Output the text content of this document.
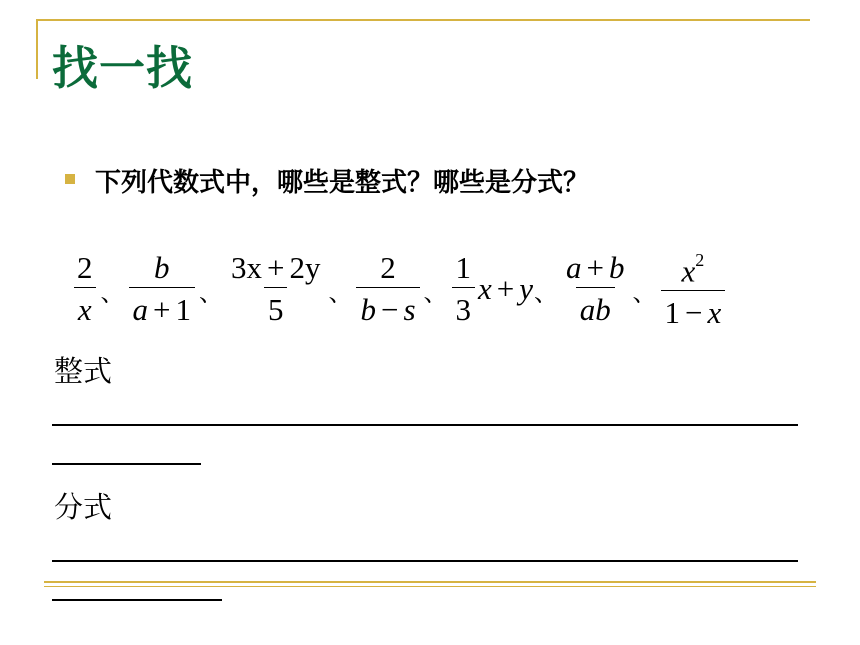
找一找
下列代数式中，哪些是整式？哪些是分式？
$\frac{2}{x}$ 、 $\frac{b}{a + 1}$ 、 $\frac{3x + 2y}{5}$ 、 $\frac{2}{b - s}$ 、 $\frac{1}{3}$ x + y 、 $\frac{a + b}{ab}$ 、 $\frac{x^2}{1 - x}$
整式
分式
